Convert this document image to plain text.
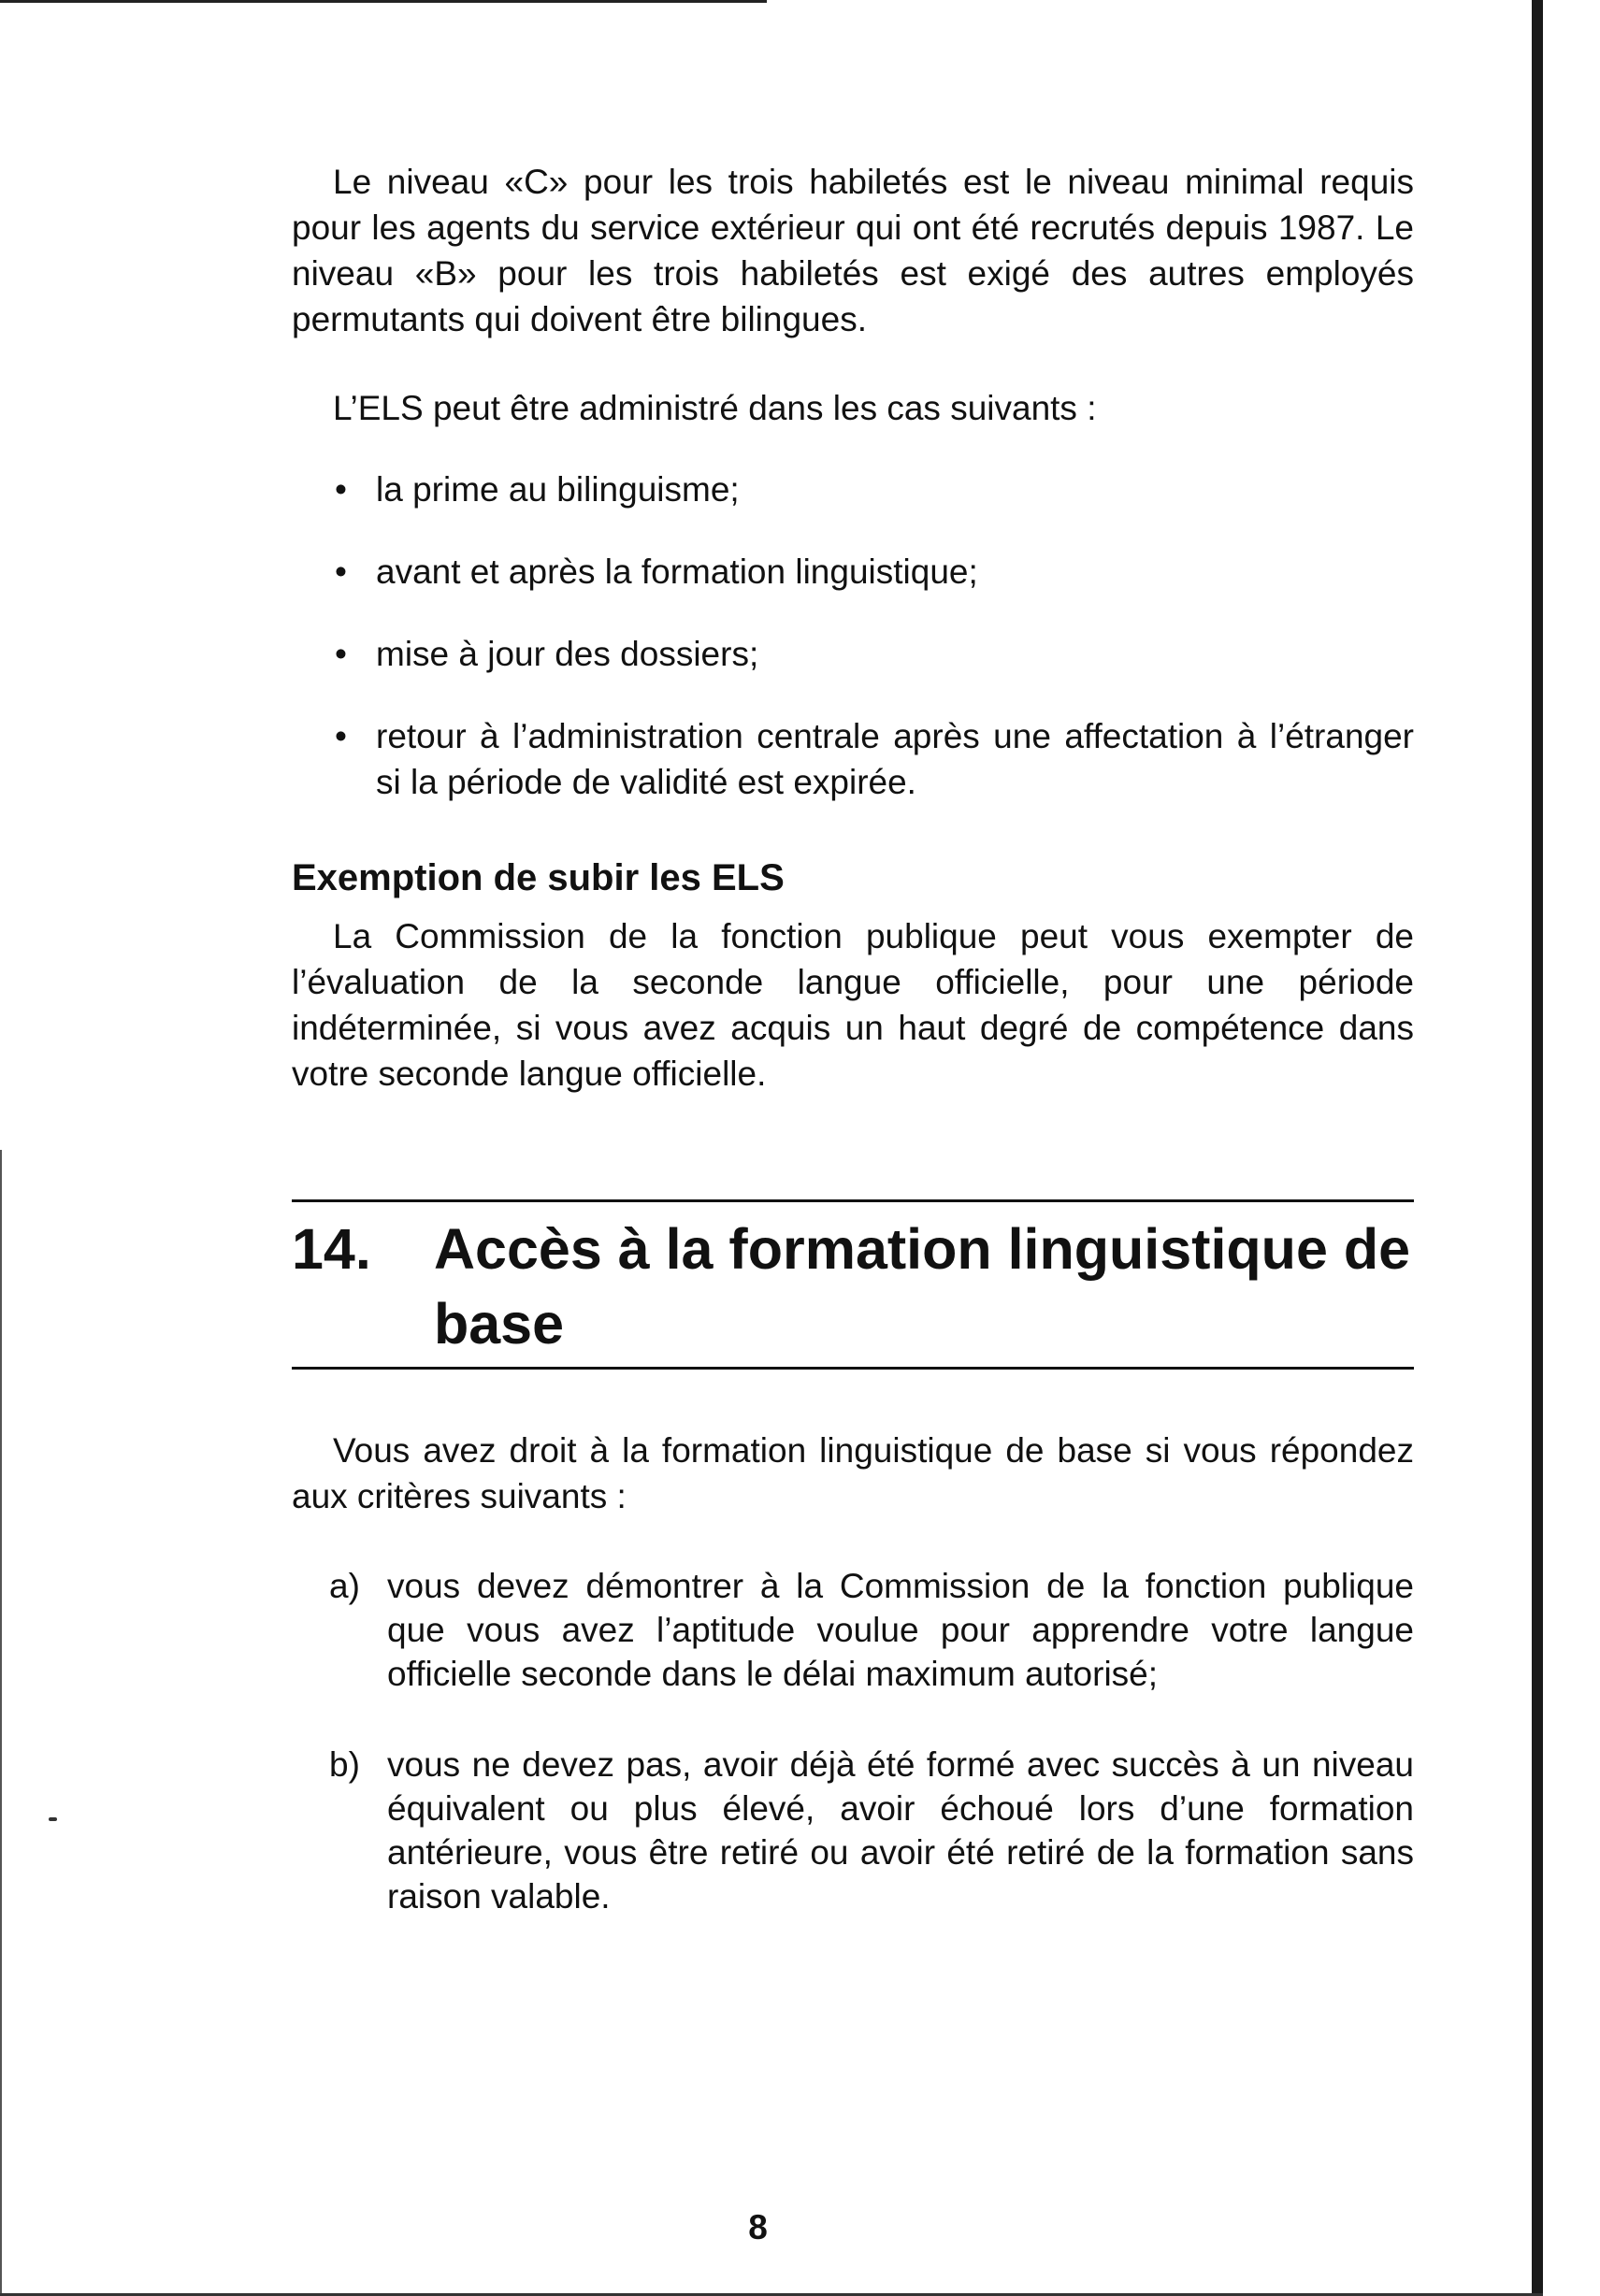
Le niveau «C» pour les trois habiletés est le niveau minimal requis pour les agents du service extérieur qui ont été recrutés depuis 1987. Le niveau «B» pour les trois habiletés est exigé des autres employés permutants qui doivent être bilingues.

L’ELS peut être administré dans les cas suivants :

• la prime au bilinguisme;
• avant et après la formation linguistique;
• mise à jour des dossiers;
• retour à l’administration centrale après une affectation à l’étranger si la période de validité est expirée.
Exemption de subir les ELS

La Commission de la fonction publique peut vous exempter de l’évaluation de la seconde langue officielle, pour une période indéterminée, si vous avez acquis un haut degré de compétence dans votre seconde langue officielle.

14.	Accès à la formation linguistique de base

Vous avez droit à la formation linguistique de base si vous répondez aux critères suivants :

a) vous devez démontrer à la Commission de la fonction publique que vous avez l’aptitude voulue pour apprendre votre langue officielle seconde dans le délai maximum autorisé;
b) vous ne devez pas, avoir déjà été formé avec succès à un niveau équivalent ou plus élevé, avoir échoué lors d’une formation antérieure, vous être retiré ou avoir été retiré de la formation sans raison valable.
8
